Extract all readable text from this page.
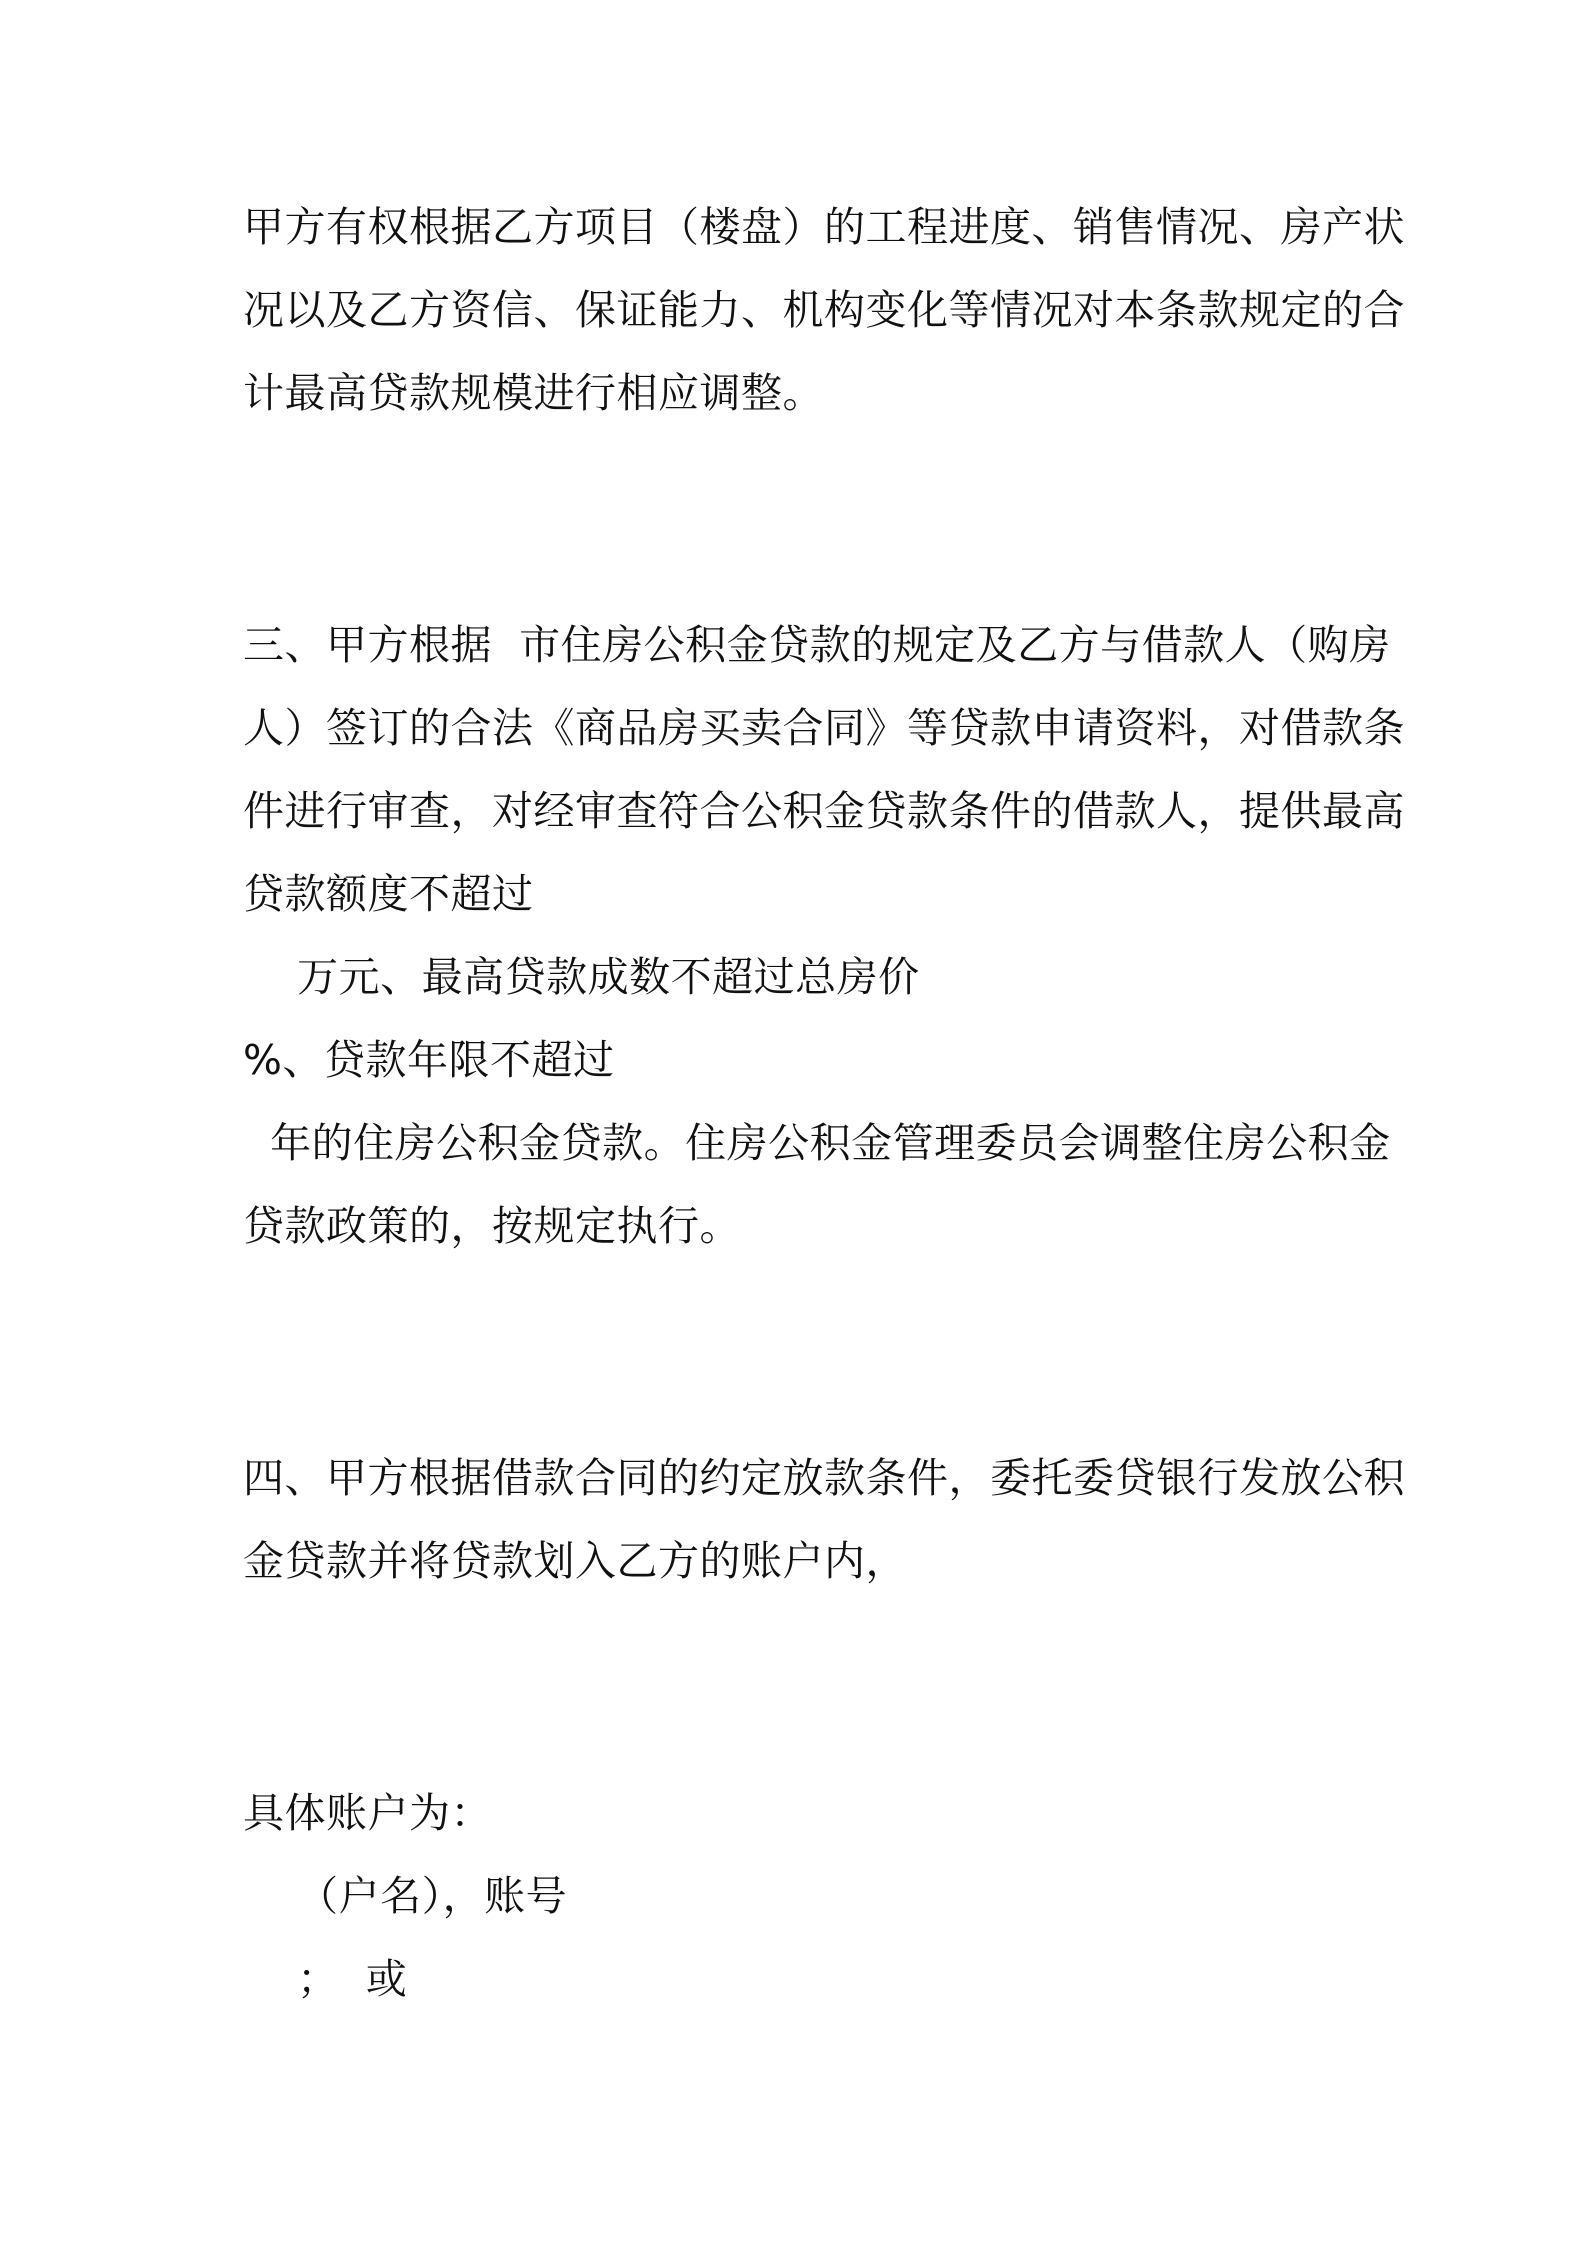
甲方有权根据乙方项目（楼盘）的工程进度、销售情况、房产状
况以及乙方资信、保证能力、机构变化等情况对本条款规定的合
计最高贷款规模进行相应调整。
三、甲方根据  市住房公积金贷款的规定及乙方与借款人（购房
人）签订的合法《商品房买卖合同》等贷款申请资料，对借款条
件进行审查，对经审查符合公积金贷款条件的借款人，提供最高
贷款额度不超过
万元、最高贷款成数不超过总房价
%、贷款年限不超过
年的住房公积金贷款。住房公积金管理委员会调整住房公积金
贷款政策的，按规定执行。
四、甲方根据借款合同的约定放款条件，委托委贷银行发放公积
金贷款并将贷款划入乙方的账户内，
具体账户为：
（户名），账号
；  或
